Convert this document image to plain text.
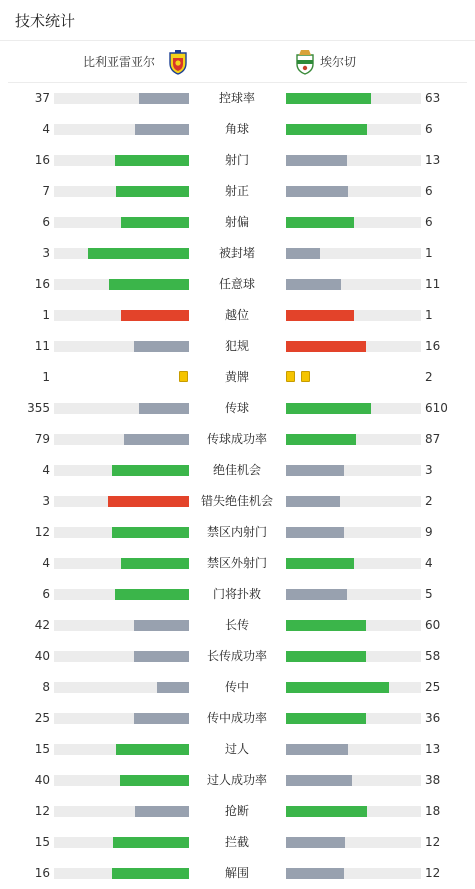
技术统计
比利亚雷亚尔	埃尔切
37	控球率	63
4	角球	6
16	射门	13
7	射正	6
6	射偏	6
3	被封堵	1
16	任意球	11
1	越位	1
11	犯规	16
1	黄牌	2
355	传球	610
79	传球成功率	87
4	绝佳机会	3
3	错失绝佳机会	2
12	禁区内射门	9
4	禁区外射门	4
6	门将扑救	5
42	长传	60
40	长传成功率	58
8	传中	25
25	传中成功率	36
15	过人	13
40	过人成功率	38
12	抢断	18
15	拦截	12
16	解围	12
